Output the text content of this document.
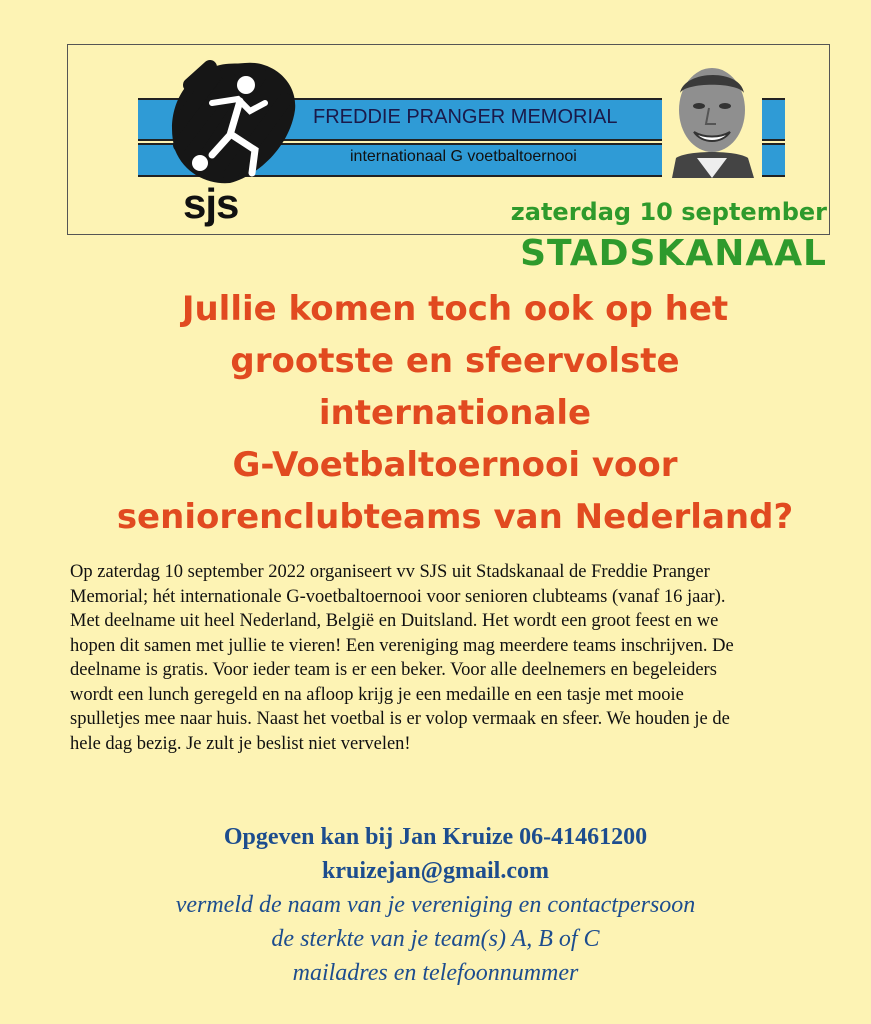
FREDDIE PRANGER MEMORIAL
internationaal G voetbaltoernooi
sjs	zaterdag 10 september
STADSKANAAL
Jullie komen toch ook op het
grootste en sfeervolste
internationale
G-Voetbaltoernooi voor
seniorenclubteams van Nederland?
Op zaterdag 10 september 2022 organiseert vv SJS uit Stadskanaal de Freddie Pranger
Memorial; hét internationale G-voetbaltoernooi voor senioren clubteams (vanaf 16 jaar).
Met deelname uit heel Nederland, België en Duitsland. Het wordt een groot feest en we
hopen dit samen met jullie te vieren! Een vereniging mag meerdere teams inschrijven. De
deelname is gratis. Voor ieder team is er een beker. Voor alle deelnemers en begeleiders
wordt een lunch geregeld en na afloop krijg je een medaille en een tasje met mooie
spulletjes mee naar huis. Naast het voetbal is er volop vermaak en sfeer. We houden je de
hele dag bezig. Je zult je beslist niet vervelen!
Opgeven kan bij Jan Kruize 06-41461200
kruizejan@gmail.com
vermeld de naam van je vereniging en contactpersoon
de sterkte van je team(s) A, B of C
mailadres en telefoonnummer
